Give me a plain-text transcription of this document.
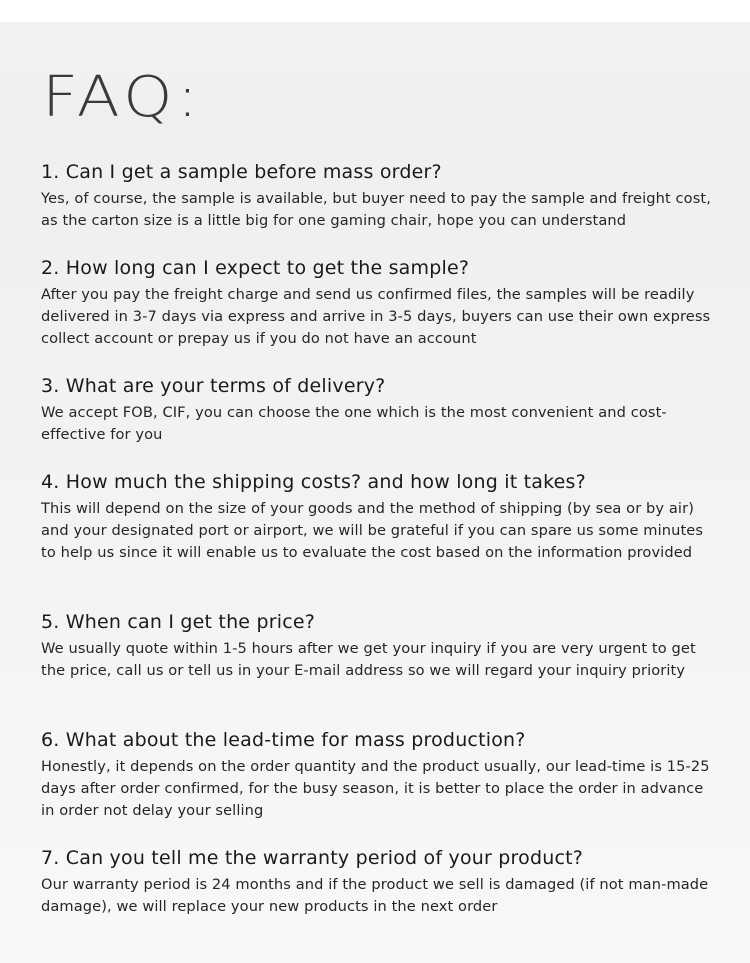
FAQ:
1. Can I get a sample before mass order?

Yes, of course, the sample is available, but buyer need to pay the sample and freight cost, as the carton size is a little big for one gaming chair, hope you can understand

2. How long can I expect to get the sample?

After you pay the freight charge and send us confirmed files, the samples will be readily delivered in 3-7 days via express and arrive in 3-5 days, buyers can use their own express collect account or prepay us if you do not have an account

3. What are your terms of delivery?

We accept FOB, CIF, you can choose the one which is the most convenient and cost-effective for you

4. How much the shipping costs? and how long it takes?

This will depend on the size of your goods and the method of shipping (by sea or by air) and your designated port or airport, we will be grateful if you can spare us some minutes to help us since it will enable us to evaluate the cost based on the information provided

5. When can I get the price?

We usually quote within 1-5 hours after we get your inquiry if you are very urgent to get the price, call us or tell us in your E-mail address so we will regard your inquiry priority

6. What about the lead-time for mass production?

Honestly, it depends on the order quantity and the product usually, our lead-time is 15-25 days after order confirmed, for the busy season, it is better to place the order in advance in order not delay your selling

7. Can you tell me the warranty period of your product?

Our warranty period is 24 months and if the product we sell is damaged (if not man-made damage), we will replace your new products in the next order
